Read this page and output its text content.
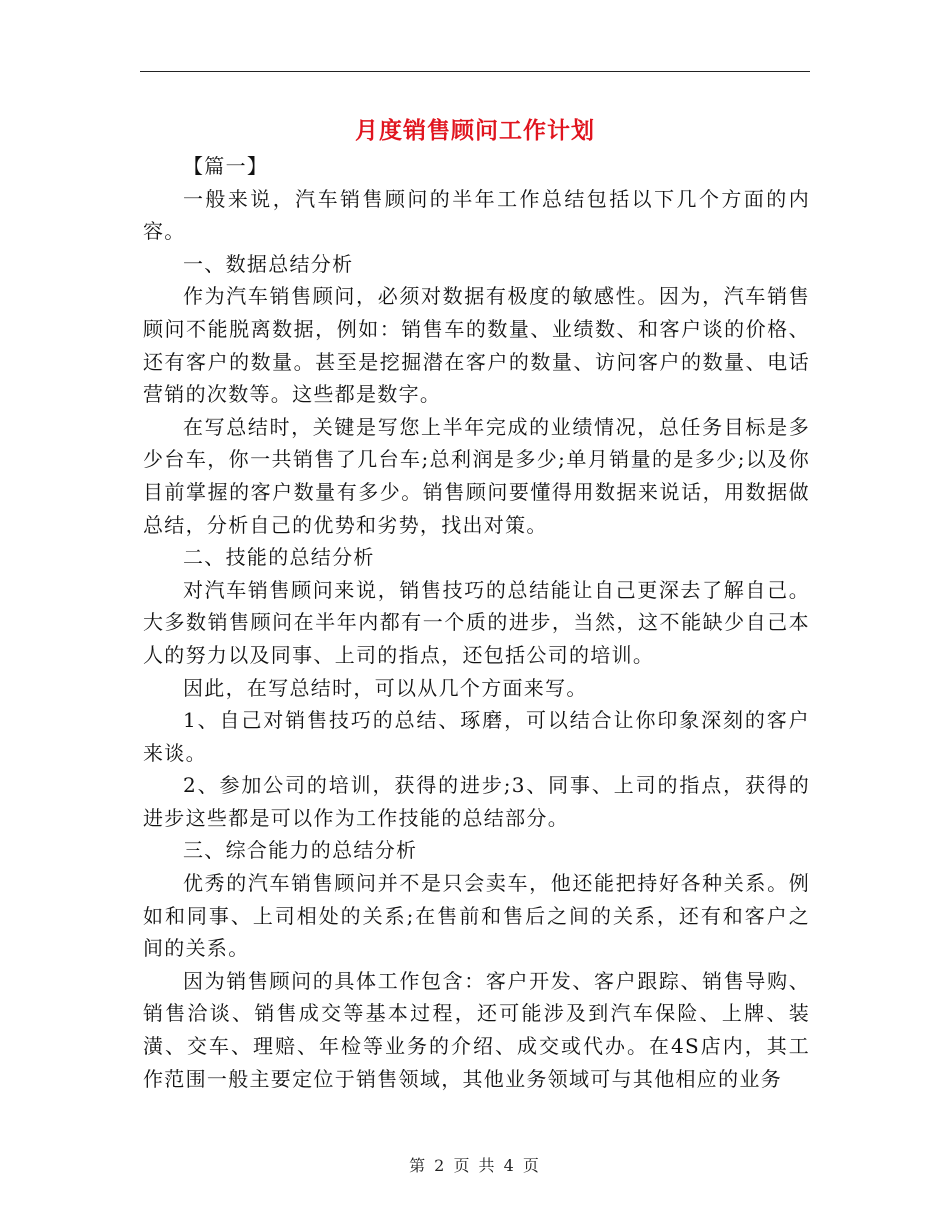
月度销售顾问工作计划

【篇一】

一般来说，汽车销售顾问的半年工作总结包括以下几个方面的内容。

一、数据总结分析

作为汽车销售顾问，必须对数据有极度的敏感性。因为，汽车销售顾问不能脱离数据，例如：销售车的数量、业绩数、和客户谈的价格、还有客户的数量。甚至是挖掘潜在客户的数量、访问客户的数量、电话营销的次数等。这些都是数字。

在写总结时，关键是写您上半年完成的业绩情况，总任务目标是多少台车，你一共销售了几台车;总利润是多少;单月销量的是多少;以及你目前掌握的客户数量有多少。销售顾问要懂得用数据来说话，用数据做总结，分析自己的优势和劣势，找出对策。

二、技能的总结分析

对汽车销售顾问来说，销售技巧的总结能让自己更深去了解自己。大多数销售顾问在半年内都有一个质的进步，当然，这不能缺少自己本人的努力以及同事、上司的指点，还包括公司的培训。

因此，在写总结时，可以从几个方面来写。

1、自己对销售技巧的总结、琢磨，可以结合让你印象深刻的客户来谈。

2、参加公司的培训，获得的进步;3、同事、上司的指点，获得的进步这些都是可以作为工作技能的总结部分。

三、综合能力的总结分析

优秀的汽车销售顾问并不是只会卖车，他还能把持好各种关系。例如和同事、上司相处的关系;在售前和售后之间的关系，还有和客户之间的关系。

因为销售顾问的具体工作包含：客户开发、客户跟踪、销售导购、销售洽谈、销售成交等基本过程，还可能涉及到汽车保险、上牌、装潢、交车、理赔、年检等业务的介绍、成交或代办。在4S店内，其工作范围一般主要定位于销售领域，其他业务领域可与其他相应的业务

第 2 页 共 4 页
